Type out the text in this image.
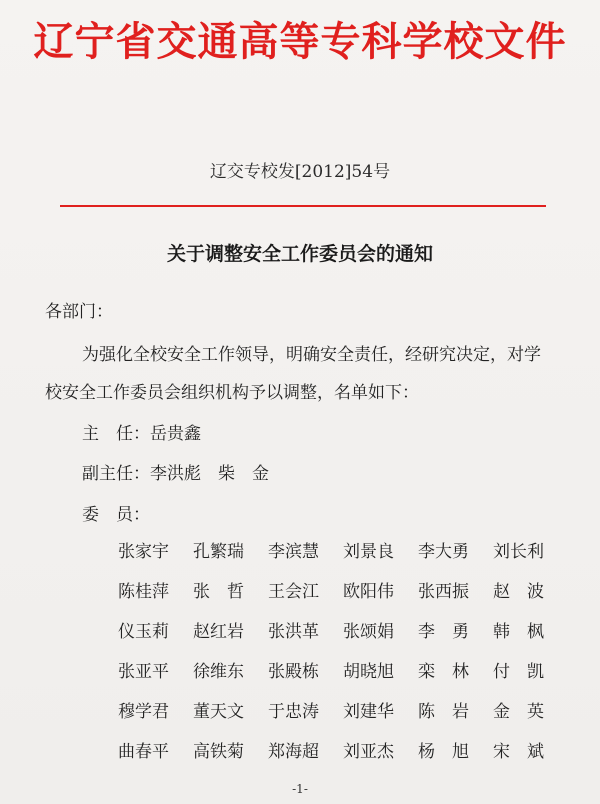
辽宁省交通高等专科学校文件
辽交专校发[2012]54号
关于调整安全工作委员会的通知
各部门：
为强化全校安全工作领导，明确安全责任，经研究决定，对学
校安全工作委员会组织机构予以调整，名单如下：
主　任：岳贵鑫
副主任：李洪彪　柴　金
委　员：
张家宇	孔繁瑞	李滨慧	刘景良	李大勇	刘长利
陈桂萍	张　哲	王会江	欧阳伟	张西振	赵　波
仪玉莉	赵红岩	张洪革	张颂娟	李　勇	韩　枫
张亚平	徐维东	张殿栋	胡晓旭	栾　林	付　凯
穆学君	董天文	于忠涛	刘建华	陈　岩	金　英
曲春平	高铁菊	郑海超	刘亚杰	杨　旭	宋　斌
-1-
